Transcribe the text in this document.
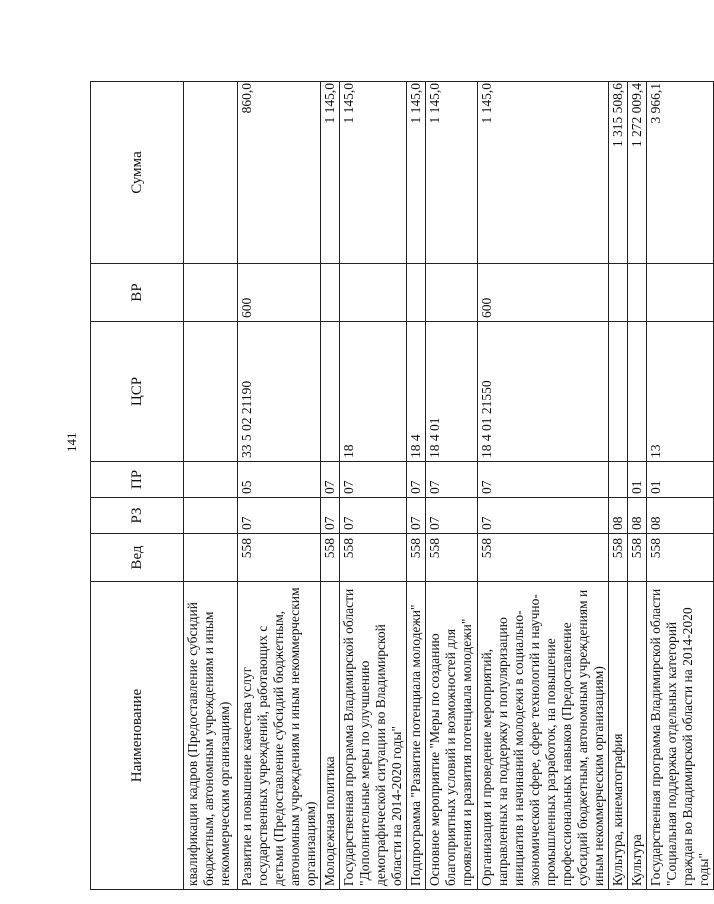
141
Наименование	Вед	РЗ	ПР	ЦСР	ВР	Сумма
квалификации кадров (Предоставление субсидий бюджетным, автономным учреждениям и иным некоммерческим организациям)						
Развитие и повышение качества услуг государственных учреждений, работающих с детьми (Предоставление субсидий бюджетным, автономным учреждениям и иным некоммерческим организациям)	558	07	05	33 5 02 21190	600	860,0
Молодежная политика	558	07	07			1 145,0
Государственная программа Владимирской области "Дополнительные меры по улучшению демографической ситуации во Владимирской области на 2014-2020 годы"	558	07	07	18		1 145,0
Подпрограмма "Развитие потенциала молодежи"	558	07	07	18 4		1 145,0
Основное мероприятие "Меры по созданию благоприятных условий и возможностей для проявления и развития потенциала молодежи"	558	07	07	18 4 01		1 145,0
Организация и проведение мероприятий, направленных на поддержку и популяризацию инициатив и начинаний молодежи в социально-экономической сфере, сфере технологий и научно-промышленных разработок, на повышение профессиональных навыков (Предоставление субсидий бюджетным, автономным учреждениям и иным некоммерческим организациям)	558	07	07	18 4 01 21550	600	1 145,0
Культура, кинематография	558	08				1 315 508,6
Культура	558	08	01			1 272 009,4
Государственная программа Владимирской области "Социальная поддержка отдельных категорий граждан во Владимирской области на 2014-2020 годы"	558	08	01	13		3 966,1
